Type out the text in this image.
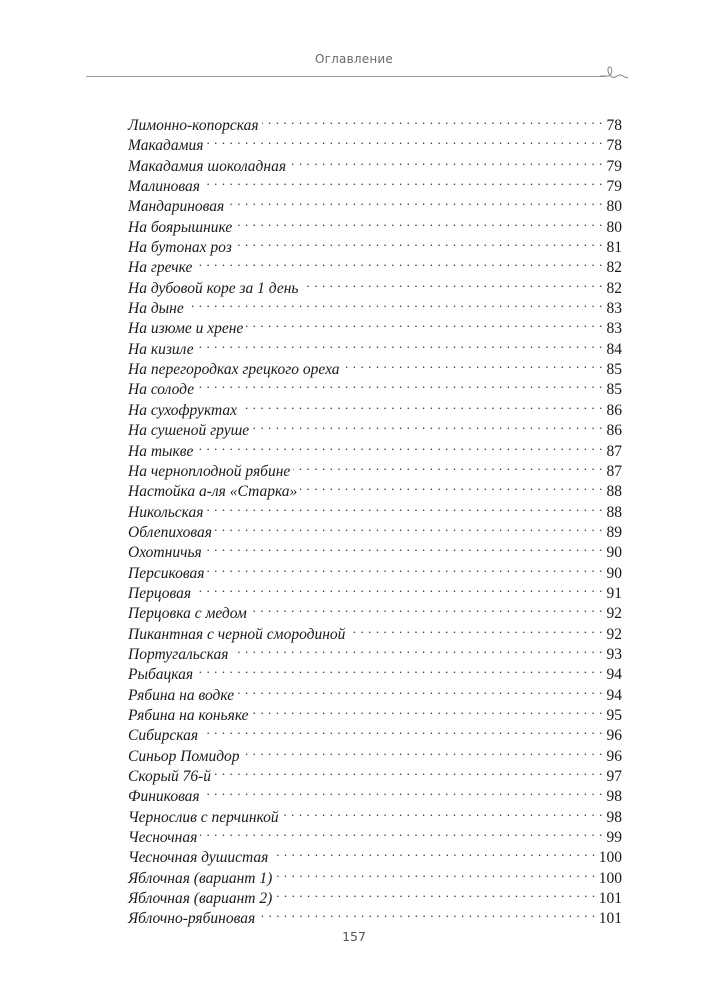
Оглавление
Лимонно-копорская . . .	78
Макадамия . . .	78
Макадамия шоколадная . . .	79
Малиновая . . .	79
Мандариновая . . .	80
На боярышнике . . .	80
На бутонах роз . . .	81
На гречке . . .	82
На дубовой коре за 1 день . . .	82
На дыне . . .	83
На изюме и хрене . . .	83
На кизиле . . .	84
На перегородках грецкого ореха . . .	85
На солоде . . .	85
На сухофруктах . . .	86
На сушеной груше . . .	86
На тыкве . . .	87
На черноплодной рябине . . .	87
Настойка а-ля «Старка» . . .	88
Никольская . . .	88
Облепиховая . . .	89
Охотничья . . .	90
Персиковая . . .	90
Перцовая . . .	91
Перцовка с медом . . .	92
Пикантная с черной смородиной . . .	92
Португальская . . .	93
Рыбацкая . . .	94
Рябина на водке . . .	94
Рябина на коньяке . . .	95
Сибирская . . .	96
Синьор Помидор . . .	96
Скорый 76-й . . .	97
Финиковая . . .	98
Чернослив с перчинкой . . .	98
Чесночная . . .	99
Чесночная душистая . . .	100
Яблочная (вариант 1) . . .	100
Яблочная (вариант 2) . . .	101
Яблочно-рябиновая . . .	101
157
